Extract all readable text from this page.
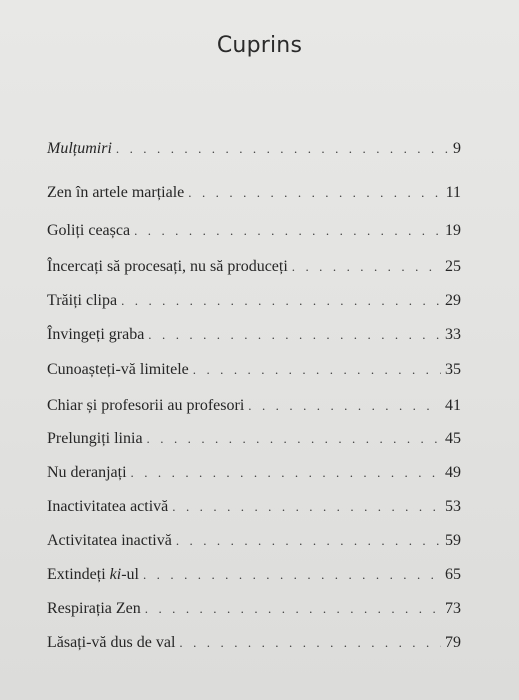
Cuprins
Mulțumiri . . .	9
Zen în artele marțiale . . .	11
Goliți ceașca . . .	19
Încercați să procesați, nu să produceți . . .	25
Trăiți clipa . . .	29
Învingeți graba . . .	33
Cunoașteți-vă limitele . . .	35
Chiar și profesorii au profesori . . .	41
Prelungiți linia . . .	45
Nu deranjați . . .	49
Inactivitatea activă . . .	53
Activitatea inactivă . . .	59
Extindeți ki-ul . . .	65
Respirația Zen . . .	73
Lăsați-vă dus de val . . .	79
